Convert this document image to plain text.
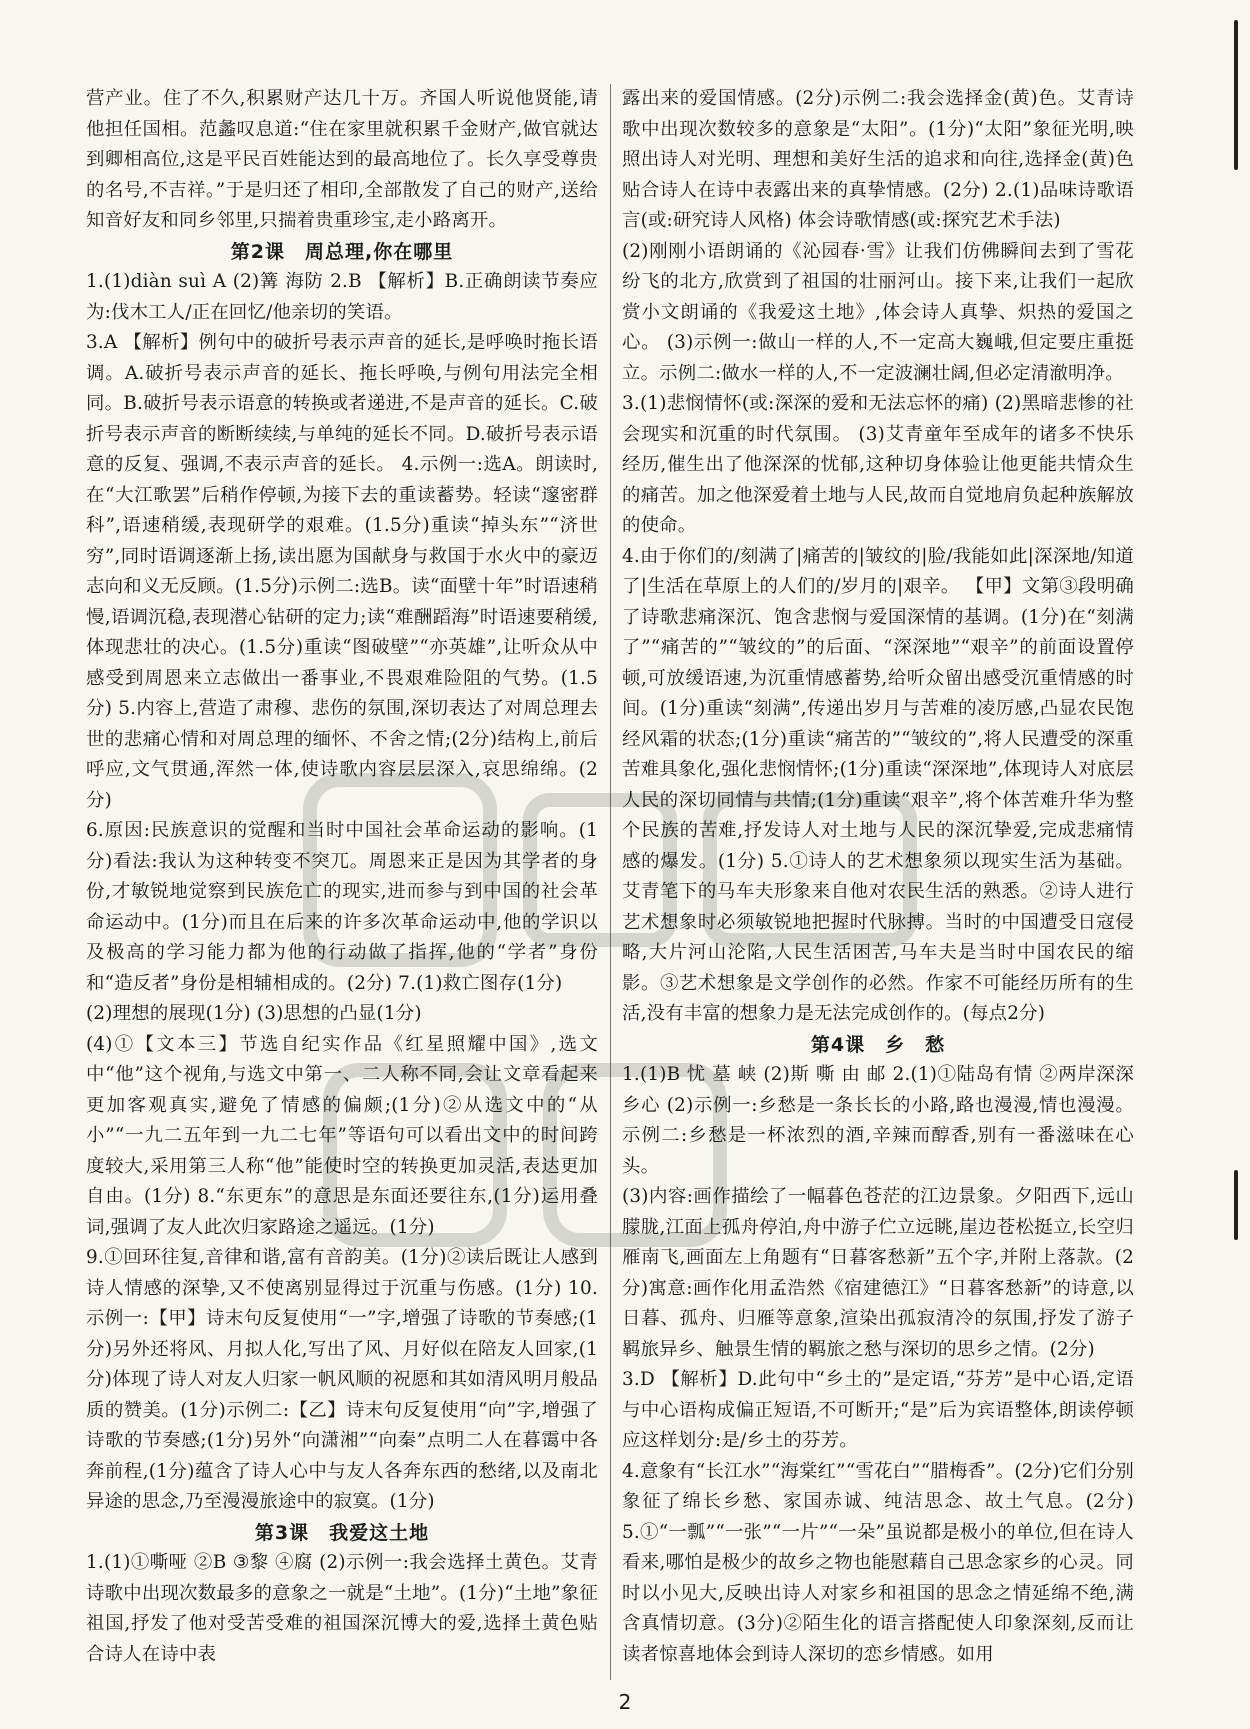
营产业。住了不久,积累财产达几十万。齐国人听说他贤能,请他担任国相。范蠡叹息道:“住在家里就积累千金财产,做官就达到卿相高位,这是平民百姓能达到的最高地位了。长久享受尊贵的名号,不吉祥。”于是归还了相印,全部散发了自己的财产,送给知音好友和同乡邻里,只揣着贵重珍宝,走小路离开。

第2课　周总理,你在哪里

1.(1)diàn suì A (2)篝 海防 2.B 【解析】B.正确朗读节奏应为:伐木工人/正在回忆/他亲切的笑语。

3.A 【解析】例句中的破折号表示声音的延长,是呼唤时拖长语调。A.破折号表示声音的延长、拖长呼唤,与例句用法完全相同。B.破折号表示语意的转换或者递进,不是声音的延长。C.破折号表示声音的断断续续,与单纯的延长不同。D.破折号表示语意的反复、强调,不表示声音的延长。 4.示例一:选A。朗读时,在“大江歌罢”后稍作停顿,为接下去的重读蓄势。轻读“邃密群科”,语速稍缓,表现研学的艰难。(1.5分)重读“掉头东”“济世穷”,同时语调逐渐上扬,读出愿为国献身与救国于水火中的豪迈志向和义无反顾。(1.5分)示例二:选B。读“面壁十年”时语速稍慢,语调沉稳,表现潜心钻研的定力;读“难酬蹈海”时语速要稍缓,体现悲壮的决心。(1.5分)重读“图破壁”“亦英雄”,让听众从中感受到周恩来立志做出一番事业,不畏艰难险阻的气势。(1.5分) 5.内容上,营造了肃穆、悲伤的氛围,深切表达了对周总理去世的悲痛心情和对周总理的缅怀、不舍之情;(2分)结构上,前后呼应,文气贯通,浑然一体,使诗歌内容层层深入,哀思绵绵。(2分)

6.原因:民族意识的觉醒和当时中国社会革命运动的影响。(1分)看法:我认为这种转变不突兀。周恩来正是因为其学者的身份,才敏锐地觉察到民族危亡的现实,进而参与到中国的社会革命运动中。(1分)而且在后来的许多次革命运动中,他的学识以及极高的学习能力都为他的行动做了指挥,他的“学者”身份和“造反者”身份是相辅相成的。(2分) 7.(1)救亡图存(1分)

(2)理想的展现(1分) (3)思想的凸显(1分)

(4)①【文本三】节选自纪实作品《红星照耀中国》,选文中“他”这个视角,与选文中第一、二人称不同,会让文章看起来更加客观真实,避免了情感的偏颇;(1分)②从选文中的“从小”“一九二五年到一九二七年”等语句可以看出文中的时间跨度较大,采用第三人称“他”能使时空的转换更加灵活,表达更加自由。(1分) 8.“东更东”的意思是东面还要往东,(1分)运用叠词,强调了友人此次归家路途之遥远。(1分)

9.①回环往复,音律和谐,富有音韵美。(1分)②读后既让人感到诗人情感的深挚,又不使离别显得过于沉重与伤感。(1分) 10.示例一:【甲】诗末句反复使用“一”字,增强了诗歌的节奏感;(1分)另外还将风、月拟人化,写出了风、月好似在陪友人回家,(1分)体现了诗人对友人归家一帆风顺的祝愿和其如清风明月般品质的赞美。(1分)示例二:【乙】诗末句反复使用“向”字,增强了诗歌的节奏感;(1分)另外“向潇湘”“向秦”点明二人在暮霭中各奔前程,(1分)蕴含了诗人心中与友人各奔东西的愁绪,以及南北异途的思念,乃至漫漫旅途中的寂寞。(1分)

第3课　我爱这土地

1.(1)①嘶哑 ②B ③黎 ④腐 (2)示例一:我会选择土黄色。艾青诗歌中出现次数最多的意象之一就是“土地”。(1分)“土地”象征祖国,抒发了他对受苦受难的祖国深沉博大的爱,选择土黄色贴合诗人在诗中表

露出来的爱国情感。(2分)示例二:我会选择金(黄)色。艾青诗歌中出现次数较多的意象是“太阳”。(1分)“太阳”象征光明,映照出诗人对光明、理想和美好生活的追求和向往,选择金(黄)色贴合诗人在诗中表露出来的真挚情感。(2分) 2.(1)品味诗歌语言(或:研究诗人风格) 体会诗歌情感(或:探究艺术手法)

(2)刚刚小语朗诵的《沁园春·雪》让我们仿佛瞬间去到了雪花纷飞的北方,欣赏到了祖国的壮丽河山。接下来,让我们一起欣赏小文朗诵的《我爱这土地》,体会诗人真挚、炽热的爱国之心。 (3)示例一:做山一样的人,不一定高大巍峨,但定要庄重挺立。示例二:做水一样的人,不一定波澜壮阔,但必定清澈明净。

3.(1)悲悯情怀(或:深深的爱和无法忘怀的痛) (2)黑暗悲惨的社会现实和沉重的时代氛围。 (3)艾青童年至成年的诸多不快乐经历,催生出了他深深的忧郁,这种切身体验让他更能共情众生的痛苦。加之他深爱着土地与人民,故而自觉地肩负起种族解放的使命。

4.由于你们的/刻满了|痛苦的|皱纹的|脸/我能如此|深深地/知道了|生活在草原上的人们的/岁月的|艰辛。 【甲】文第③段明确了诗歌悲痛深沉、饱含悲悯与爱国深情的基调。(1分)在“刻满了”“痛苦的”“皱纹的”的后面、“深深地”“艰辛”的前面设置停顿,可放缓语速,为沉重情感蓄势,给听众留出感受沉重情感的时间。(1分)重读“刻满”,传递出岁月与苦难的凌厉感,凸显农民饱经风霜的状态;(1分)重读“痛苦的”“皱纹的”,将人民遭受的深重苦难具象化,强化悲悯情怀;(1分)重读“深深地”,体现诗人对底层人民的深切同情与共情;(1分)重读“艰辛”,将个体苦难升华为整个民族的苦难,抒发诗人对土地与人民的深沉挚爱,完成悲痛情感的爆发。(1分) 5.①诗人的艺术想象须以现实生活为基础。艾青笔下的马车夫形象来自他对农民生活的熟悉。②诗人进行艺术想象时必须敏锐地把握时代脉搏。当时的中国遭受日寇侵略,大片河山沦陷,人民生活困苦,马车夫是当时中国农民的缩影。③艺术想象是文学创作的必然。作家不可能经历所有的生活,没有丰富的想象力是无法完成创作的。(每点2分)

第4课　乡　愁

1.(1)B 忧 墓 峡 (2)斯 嘶 由 邮 2.(1)①陆岛有情 ②两岸深深乡心 (2)示例一:乡愁是一条长长的小路,路也漫漫,情也漫漫。示例二:乡愁是一杯浓烈的酒,辛辣而醇香,别有一番滋味在心头。

(3)内容:画作描绘了一幅暮色苍茫的江边景象。夕阳西下,远山朦胧,江面上孤舟停泊,舟中游子伫立远眺,崖边苍松挺立,长空归雁南飞,画面左上角题有“日暮客愁新”五个字,并附上落款。(2分)寓意:画作化用孟浩然《宿建德江》“日暮客愁新”的诗意,以日暮、孤舟、归雁等意象,渲染出孤寂清冷的氛围,抒发了游子羁旅异乡、触景生情的羁旅之愁与深切的思乡之情。(2分)

3.D 【解析】D.此句中“乡土的”是定语,“芬芳”是中心语,定语与中心语构成偏正短语,不可断开;“是”后为宾语整体,朗读停顿应这样划分:是/乡土的芬芳。

4.意象有“长江水”“海棠红”“雪花白”“腊梅香”。(2分)它们分别象征了绵长乡愁、家国赤诚、纯洁思念、故土气息。(2分) 5.①“一瓢”“一张”“一片”“一朵”虽说都是极小的单位,但在诗人看来,哪怕是极少的故乡之物也能慰藉自己思念家乡的心灵。同时以小见大,反映出诗人对家乡和祖国的思念之情延绵不绝,满含真情切意。(3分)②陌生化的语言搭配使人印象深刻,反而让读者惊喜地体会到诗人深切的恋乡情感。如用

2
